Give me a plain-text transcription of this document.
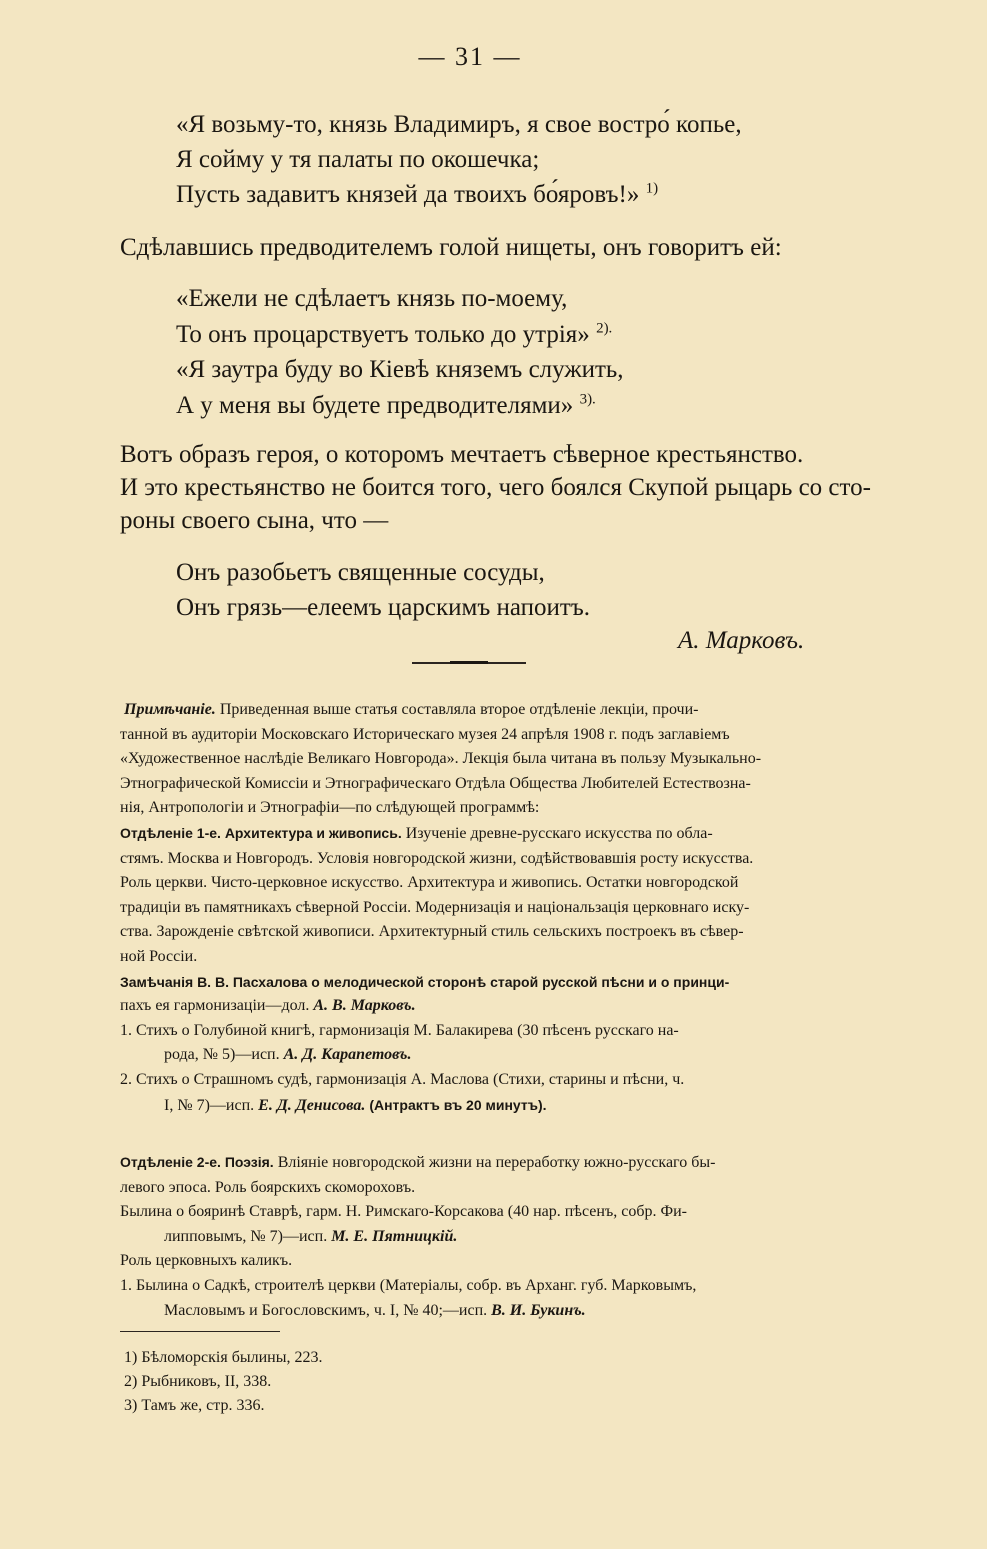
— 31 —
«Я возьму-то, князь Владимиръ, я свое востро́ копье,
Я сойму у тя палаты по окошечка;
Пусть задавитъ князей да твоихъ бо́яровъ!» $^{1)}$
Сдѣлавшись предводителемъ голой нищеты, онъ говоритъ ей:
«Ежели не сдѣлаетъ князь по-моему,
То онъ процарствуетъ только до утрія» $^{2).}$
«Я заутра буду во Кіевѣ княземъ служить,
А у меня вы будете предводителями» $^{3).}$
Вотъ образъ героя, о которомъ мечтаетъ сѣверное крестьянство.
И это крестьянство не боится того, чего боялся Скупой рыцарь со сто-
роны своего сына, что —
Онъ разобьетъ священные сосуды,
Онъ грязь—елеемъ царскимъ напоитъ.
А. Марковъ.
Примѣчаніе. Приведенная выше статья составляла второе отдѣленіе лекціи, прочи-
танной въ аудиторіи Московскаго Историческаго музея 24 апрѣля 1908 г. подъ заглавіемъ
«Художественное наслѣдіе Великаго Новгорода». Лекція была читана въ пользу Музыкально-
Этнографической Комиссіи и Этнографическаго Отдѣла Общества Любителей Естествозна-
нія, Антропологіи и Этнографіи—по слѣдующей программѣ:
Отдѣленіе 1-е. Архитектура и живопись. Изученіе древне-русскаго искусства по обла-
стямъ. Москва и Новгородъ. Условія новгородской жизни, содѣйствовавшія росту искусства.
Роль церкви. Чисто-церковное искусство. Архитектура и живопись. Остатки новгородской
традиціи въ памятникахъ сѣверной Россіи. Модернизація и національзація церковнаго иску-
ства. Зарожденіе свѣтской живописи. Архитектурный стиль сельскихъ построекъ въ сѣвер-
ной Россіи.
Замѣчанія В. В. Пасхалова о мелодической сторонѣ старой русской пѣсни и о принци-
пахъ ея гармонизаціи—дол. А. В. Марковъ.
1. Стихъ о Голубиной книгѣ, гармонизація М. Балакирева (30 пѣсенъ русскаго на-
рода, № 5)—исп. А. Д. Карапетовъ.
2. Стихъ о Страшномъ судѣ, гармонизація А. Маслова (Стихи, старины и пѣсни, ч.
I, № 7)—исп. Е. Д. Денисова. (Антрактъ въ 20 минутъ).
Отдѣленіе 2-е. Поэзія. Вліяніе новгородской жизни на переработку южно-русскаго бы-
левого эпоса. Роль боярскихъ скомороховъ.
Былина о бояринѣ Ставрѣ, гарм. Н. Римскаго-Корсакова (40 нар. пѣсенъ, собр. Фи-
липповымъ, № 7)—исп. М. Е. Пятницкій.
Роль церковныхъ каликъ.
1. Былина о Садкѣ, строителѣ церкви (Матеріалы, собр. въ Арханг. губ. Марковымъ,
Масловымъ и Богословскимъ, ч. I, № 40;—исп. В. И. Букинъ.
1) Бѣломорскія былины, 223.
2) Рыбниковъ, II, 338.
3) Тамъ же, стр. 336.
